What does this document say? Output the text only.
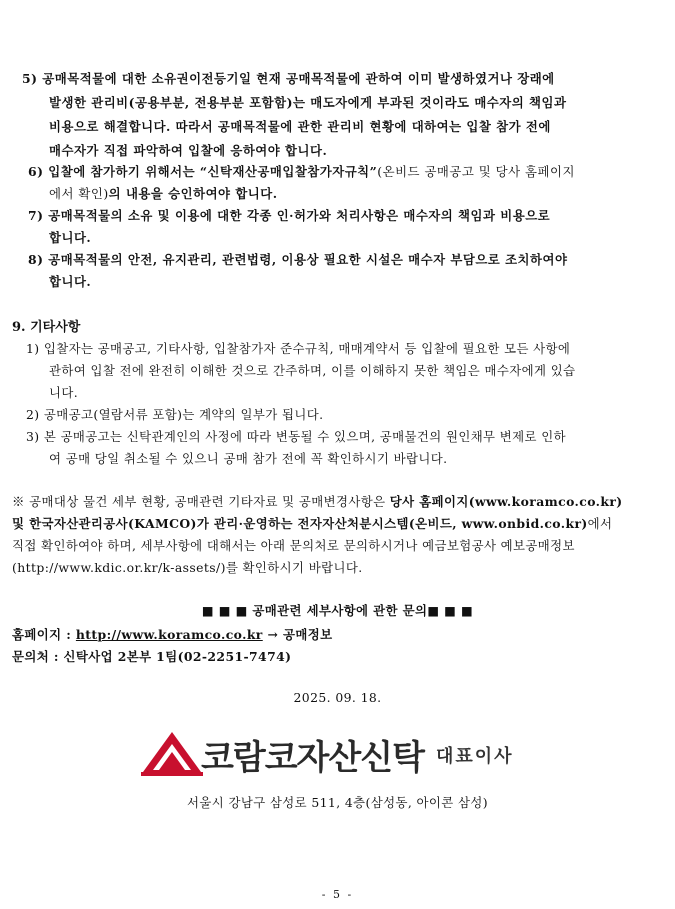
5) 공매목적물에 대한 소유권이전등기일 현재 공매목적물에 관하여 이미 발생하였거나 장래에
발생한 관리비(공용부분, 전용부분 포함함)는 매도자에게 부과된 것이라도 매수자의 책임과
비용으로 해결합니다. 따라서 공매목적물에 관한 관리비 현황에 대하여는 입찰 참가 전에
매수자가 직접 파악하여 입찰에 응하여야 합니다.
6) 입찰에 참가하기 위해서는 “신탁재산공매입찰참가자규칙”(온비드 공매공고 및 당사 홈페이지
에서 확인)의 내용을 승인하여야 합니다.
7) 공매목적물의 소유 및 이용에 대한 각종 인·허가와 처리사항은 매수자의 책임과 비용으로
합니다.
8) 공매목적물의 안전, 유지관리, 관련법령, 이용상 필요한 시설은 매수자 부담으로 조치하여야
합니다.
9. 기타사항
1) 입찰자는 공매공고, 기타사항, 입찰참가자 준수규칙, 매매계약서 등 입찰에 필요한 모든 사항에
관하여 입찰 전에 완전히 이해한 것으로 간주하며, 이를 이해하지 못한 책임은 매수자에게 있습
니다.
2) 공매공고(열람서류 포함)는 계약의 일부가 됩니다.
3) 본 공매공고는 신탁관계인의 사정에 따라 변동될 수 있으며, 공매물건의 원인채무 변제로 인하
여 공매 당일 취소될 수 있으니 공매 참가 전에 꼭 확인하시기 바랍니다.
※ 공매대상 물건 세부 현황, 공매관련 기타자료 및 공매변경사항은 당사 홈페이지(www.koramco.co.kr)
및 한국자산관리공사(KAMCO)가 관리·운영하는 전자자산처분시스템(온비드, www.onbid.co.kr)에서
직접 확인하여야 하며, 세부사항에 대해서는 아래 문의처로 문의하시거나 예금보험공사 예보공매정보
(http://www.kdic.or.kr/k-assets/)를 확인하시기 바랍니다.
■ ■ ■ 공매관련 세부사항에 관한 문의■ ■ ■
홈페이지 : http://www.koramco.co.kr → 공매정보
문의처 : 신탁사업 2본부 1팀(02-2251-7474)
2025. 09. 18.
코람코자산신탁 대표이사
서울시 강남구 삼성로 511, 4층(삼성동, 아이콘 삼성)
- 5 -
